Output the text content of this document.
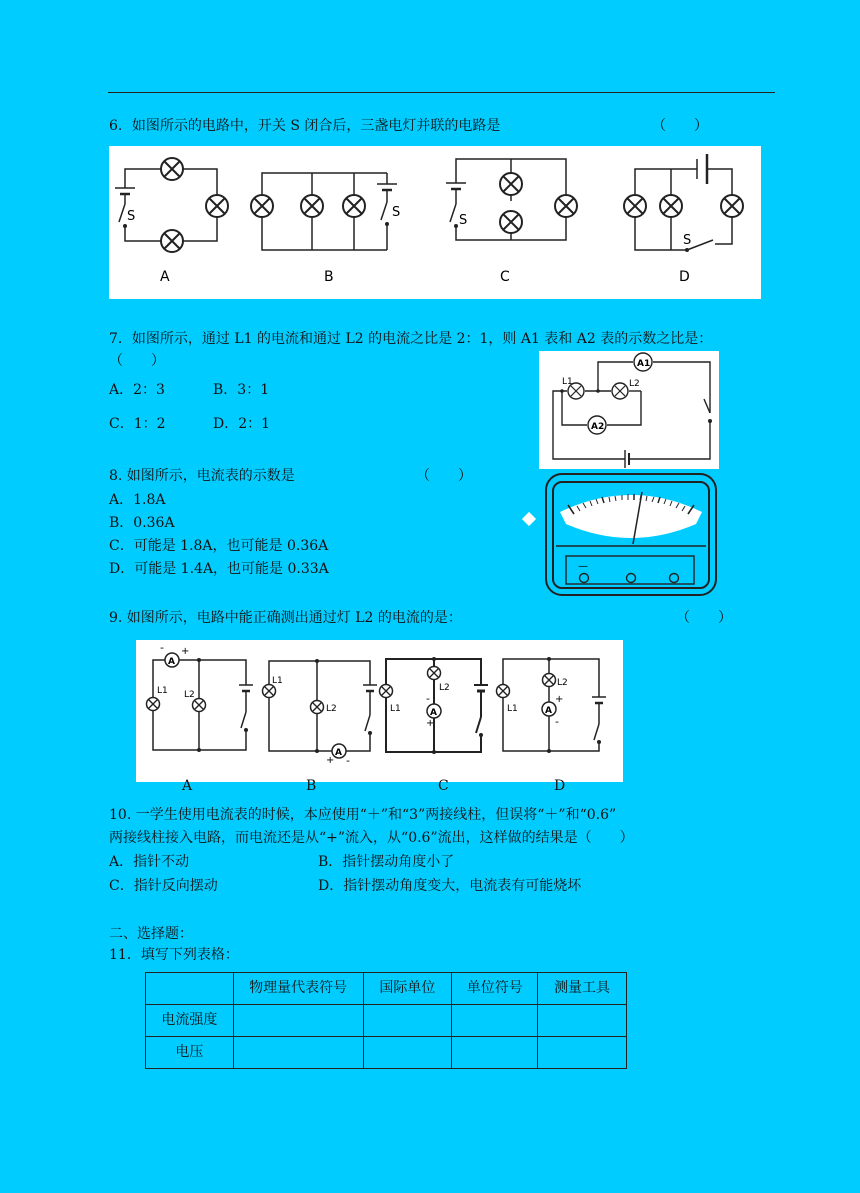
6．如图所示的电路中，开关 S 闭合后，三盏电灯并联的电路是	（　　）
S	S
S
S
A	B	C	D
7．如图所示，通过 L1 的电流和通过 L2 的电流之比是 2：1，则 A1 表和 A2 表的示数之比是：
（　　）
A．2：3	B．3：1
C．1：2	D．2：1
L1	L2
A1
A2
8. 如图所示，电流表的示数是	（　　）
A．1.8A
B．0.36A
C．可能是 1.8A，也可能是 0.36A
D．可能是 1.4A，也可能是 0.33A	—
9. 如图所示，电路中能正确测出通过灯 L2 的电流的是：	（　　）
A
A
A	A
- +
+ -
-
+
+
-
L1 L2
L1
L2	L1
L2
L1
L2
A	B	C	D
10. 一学生使用电流表的时候，本应使用“＋”和“3”两接线柱，但误将“＋”和“0.6”
两接线柱接入电路，而电流还是从“+”流入，从“0.6”流出，这样做的结果是（　　）
A．指针不动	B．指针摆动角度小了
C．指针反向摆动	D．指针摆动角度变大，电流表有可能烧坏
二、选择题：
11．填写下列表格：
	物理量代表符号	国际单位	单位符号	测量工具
电流强度				
电压				
